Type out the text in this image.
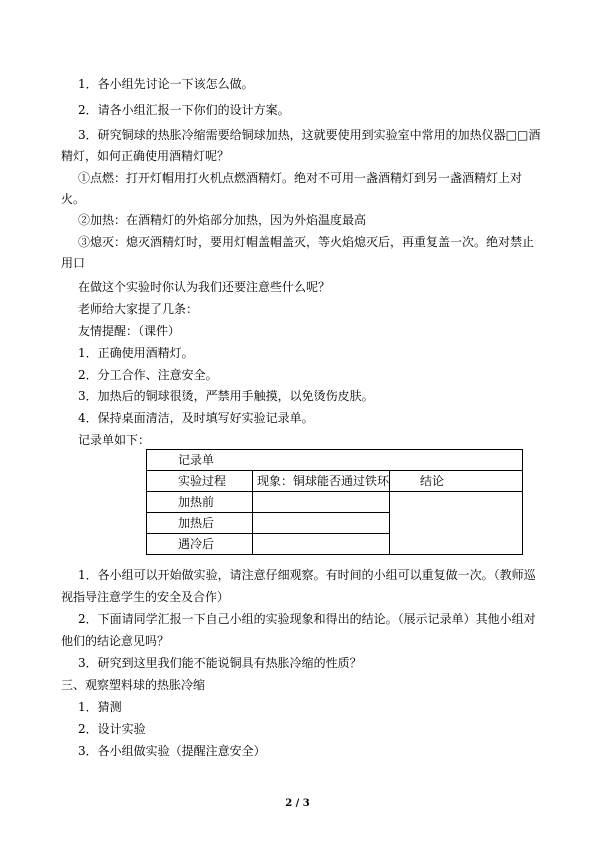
1．各小组先讨论一下该怎么做。
2．请各小组汇报一下你们的设计方案。
3．研究铜球的热胀冷缩需要给铜球加热，这就要使用到实验室中常用的加热仪器□□酒
精灯，如何正确使用酒精灯呢？
①点燃：打开灯帽用打火机点燃酒精灯。绝对不可用一盏酒精灯到另一盏酒精灯上对
火。
②加热：在酒精灯的外焰部分加热，因为外焰温度最高
③熄灭：熄灭酒精灯时，要用灯帽盖帽盖灭，等火焰熄灭后，再重复盖一次。绝对禁止
用口
在做这个实验时你认为我们还要注意些什么呢？
老师给大家提了几条：
友情提醒：（课件）
1．正确使用酒精灯。
2．分工合作、注意安全。
3．加热后的铜球很烫，严禁用手触摸，以免烫伤皮肤。
4．保持桌面清洁，及时填写好实验记录单。
记录单如下：
记录单		
实验过程	现象：铜球能否通过铁环	结论
加热前		
加热后		
遇冷后		
1．各小组可以开始做实验，请注意仔细观察。有时间的小组可以重复做一次。（教师巡
视指导注意学生的安全及合作）
2．下面请同学汇报一下自己小组的实验现象和得出的结论。（展示记录单）其他小组对
他们的结论意见吗？
3．研究到这里我们能不能说铜具有热胀冷缩的性质？
三、观察塑料球的热胀冷缩
1．猜测
2．设计实验
3．各小组做实验（提醒注意安全）
2 / 3
